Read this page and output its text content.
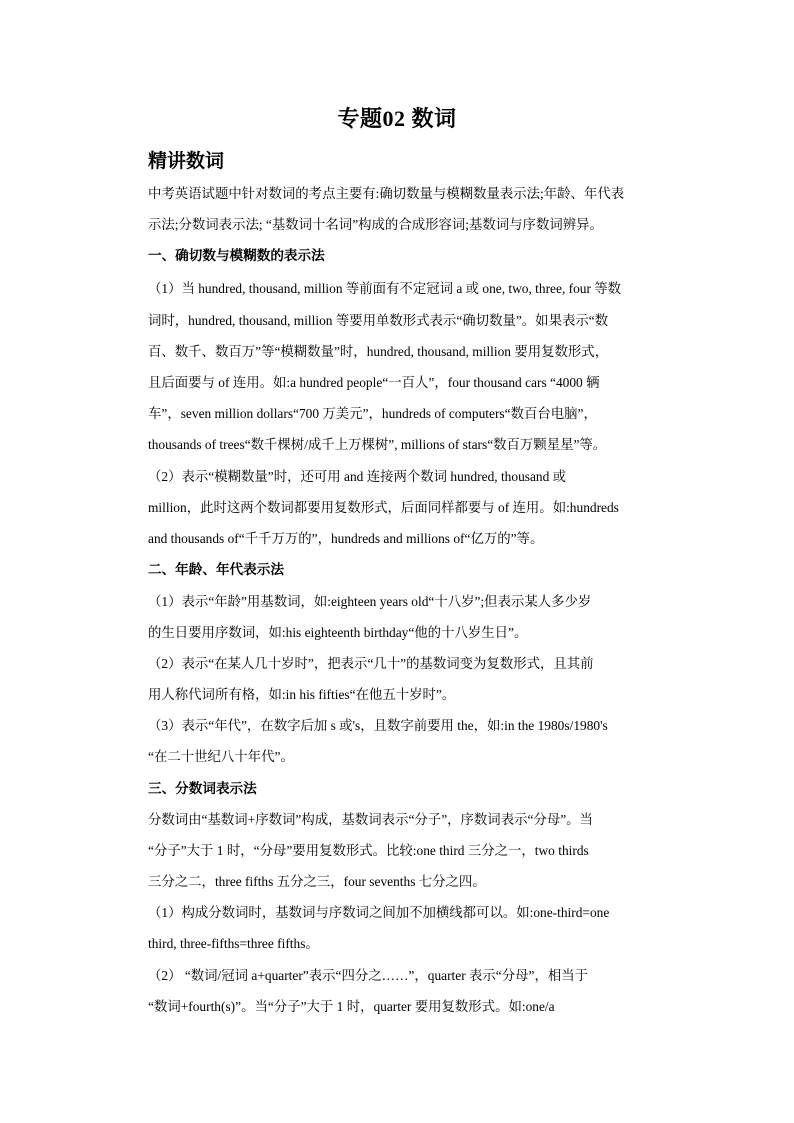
专题02 数词
精讲数词
中考英语试题中针对数词的考点主要有:确切数量与模糊数量表示法;年龄、年代表
示法;分数词表示法; “基数词十名词”构成的合成形容词;基数词与序数词辨异。
一、确切数与模糊数的表示法
（1）当 hundred, thousand, million 等前面有不定冠词 a 或 one, two, three, four 等数
词时，hundred, thousand, million 等要用单数形式表示“确切数量”。如果表示“数
百、数千、数百万”等“模糊数量”时，hundred, thousand, million 要用复数形式，
且后面要与 of 连用。如:a hundred people“一百人”，four thousand cars “4000 辆
车”，seven million dollars“700 万美元”，hundreds of computers“数百台电脑”，
thousands of trees“数千棵树/成千上万棵树”, millions of stars“数百万颗星星”等。
（2）表示“模糊数量”时，还可用 and 连接两个数词 hundred, thousand 或
million，此时这两个数词都要用复数形式，后面同样都要与 of 连用。如:hundreds
and thousands of“千千万万的”，hundreds and millions of“亿万的”等。
二、年龄、年代表示法
（1）表示“年龄”用基数词，如:eighteen years old“十八岁”;但表示某人多少岁
的生日要用序数词，如:his eighteenth birthday“他的十八岁生日”。
（2）表示“在某人几十岁时”，把表示“几十”的基数词变为复数形式，且其前
用人称代词所有格，如:in his fifties“在他五十岁时”。
（3）表示“年代”，在数字后加 s 或's，且数字前要用 the，如:in the 1980s/1980's
“在二十世纪八十年代”。
三、分数词表示法
分数词由“基数词+序数词”构成，基数词表示“分子”，序数词表示“分母”。当
“分子”大于 1 时，“分母”要用复数形式。比较:one third 三分之一，two thirds
三分之二，three fifths 五分之三，four sevenths 七分之四。
（1）构成分数词时，基数词与序数词之间加不加横线都可以。如:one-third=one
third, three-fifths=three fifths。
（2） “数词/冠词 a+quarter”表示“四分之……”，quarter 表示“分母”，相当于
“数词+fourth(s)”。当“分子”大于 1 时，quarter 要用复数形式。如:one/a
